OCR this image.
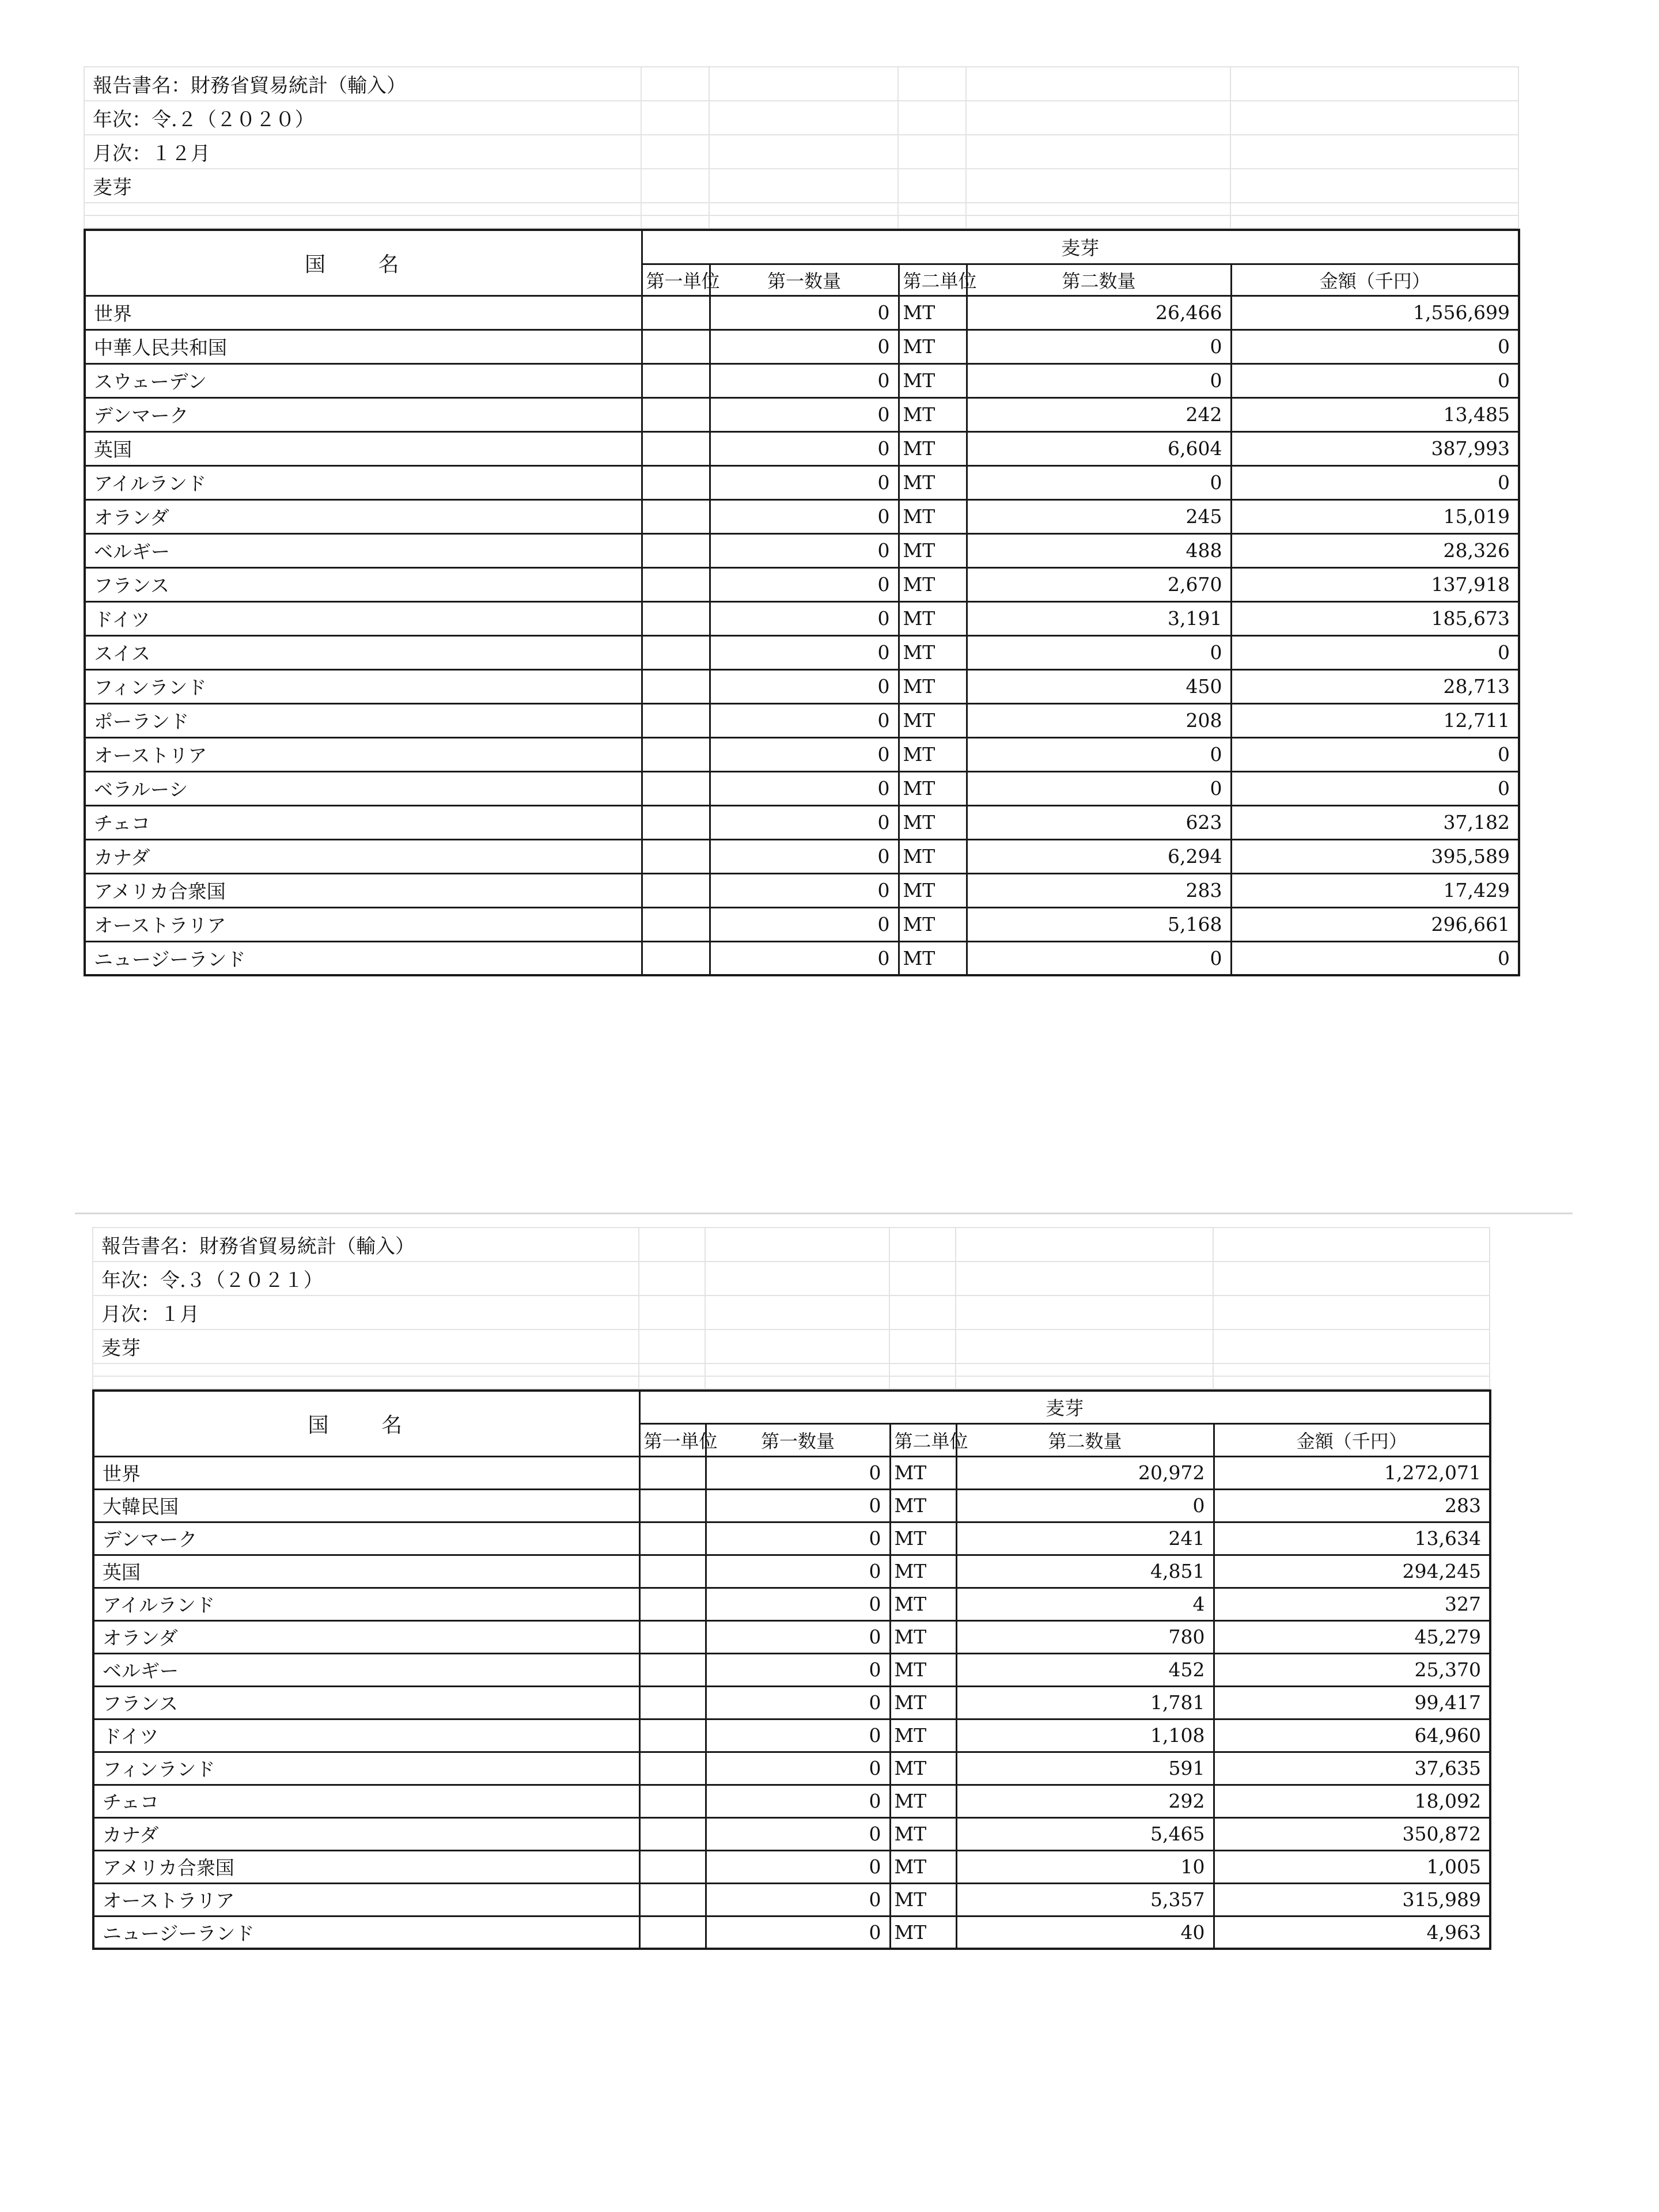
報告書名：財務省貿易統計（輸入）					
年次：令.２（２０２０）					
月次：１２月					
麦芽					

国 名	麦芽				
	第一単位	第一数量	第二単位	第二数量	金額（千円）
世界		0	MT	26,466	1,556,699
中華人民共和国		0	MT	0	0
スウェーデン		0	MT	0	0
デンマーク		0	MT	242	13,485
英国		0	MT	6,604	387,993
アイルランド		0	MT	0	0
オランダ		0	MT	245	15,019
ベルギー		0	MT	488	28,326
フランス		0	MT	2,670	137,918
ドイツ		0	MT	3,191	185,673
スイス		0	MT	0	0
フィンランド		0	MT	450	28,713
ポーランド		0	MT	208	12,711
オーストリア		0	MT	0	0
ベラルーシ		0	MT	0	0
チェコ		0	MT	623	37,182
カナダ		0	MT	6,294	395,589
アメリカ合衆国		0	MT	283	17,429
オーストラリア		0	MT	5,168	296,661
ニュージーランド		0	MT	0	0
報告書名：財務省貿易統計（輸入）					
年次：令.３（２０２１）					
月次：１月					
麦芽					

国 名	麦芽				
	第一単位	第一数量	第二単位	第二数量	金額（千円）
世界		0	MT	20,972	1,272,071
大韓民国		0	MT	0	283
デンマーク		0	MT	241	13,634
英国		0	MT	4,851	294,245
アイルランド		0	MT	4	327
オランダ		0	MT	780	45,279
ベルギー		0	MT	452	25,370
フランス		0	MT	1,781	99,417
ドイツ		0	MT	1,108	64,960
フィンランド		0	MT	591	37,635
チェコ		0	MT	292	18,092
カナダ		0	MT	5,465	350,872
アメリカ合衆国		0	MT	10	1,005
オーストラリア		0	MT	5,357	315,989
ニュージーランド		0	MT	40	4,963
